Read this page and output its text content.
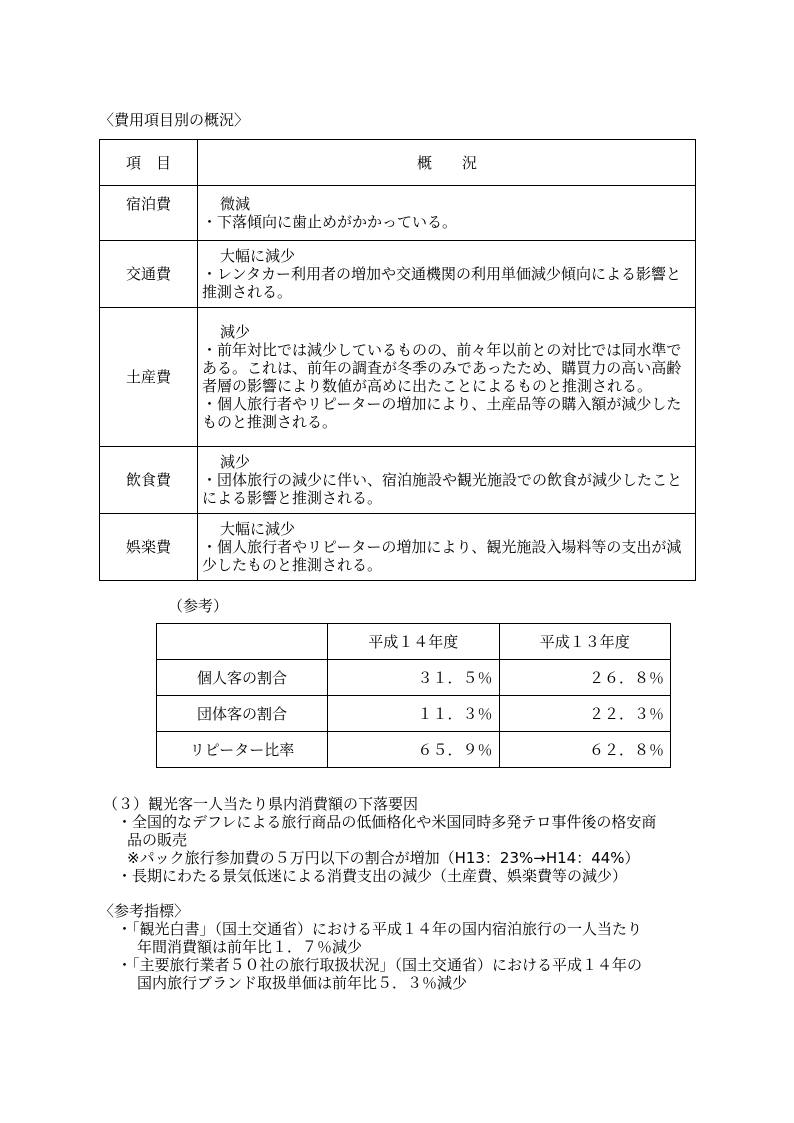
〈費用項目別の概況〉
項　目	概　　況
宿泊費	微減
・下落傾向に歯止めがかかっている。

交通費	大幅に減少
・レンタカー利用者の増加や交通機関の利用単価減少傾向による影響と推測される。

土産費	減少
・前年対比では減少しているものの、前々年以前との対比では同水準である。これは、前年の調査が冬季のみであったため、購買力の高い高齢者層の影響により数値が高めに出たことによるものと推測される。
・個人旅行者やリピーターの増加により、土産品等の購入額が減少したものと推測される。

飲食費	減少
・団体旅行の減少に伴い、宿泊施設や観光施設での飲食が減少したことによる影響と推測される。

娯楽費	大幅に減少
・個人旅行者やリピーターの増加により、観光施設入場料等の支出が減少したものと推測される。
（参考）
	平成１４年度	平成１３年度
個人客の割合	３１．５％	２６．８％
団体客の割合	１１．３％	２２．３％
リピーター比率	６５．９％	６２．８％
（３）観光客一人当たり県内消費額の下落要因
・全国的なデフレによる旅行商品の低価格化や米国同時多発テロ事件後の格安商
品の販売
※パック旅行参加費の５万円以下の割合が増加（H13：23%→H14：44%）
・長期にわたる景気低迷による消費支出の減少（土産費、娯楽費等の減少）
〈参考指標〉
・「観光白書」（国土交通省）における平成１４年の国内宿泊旅行の一人当たり
年間消費額は前年比１．７％減少
・「主要旅行業者５０社の旅行取扱状況」（国土交通省）における平成１４年の
国内旅行ブランド取扱単価は前年比５．３％減少
